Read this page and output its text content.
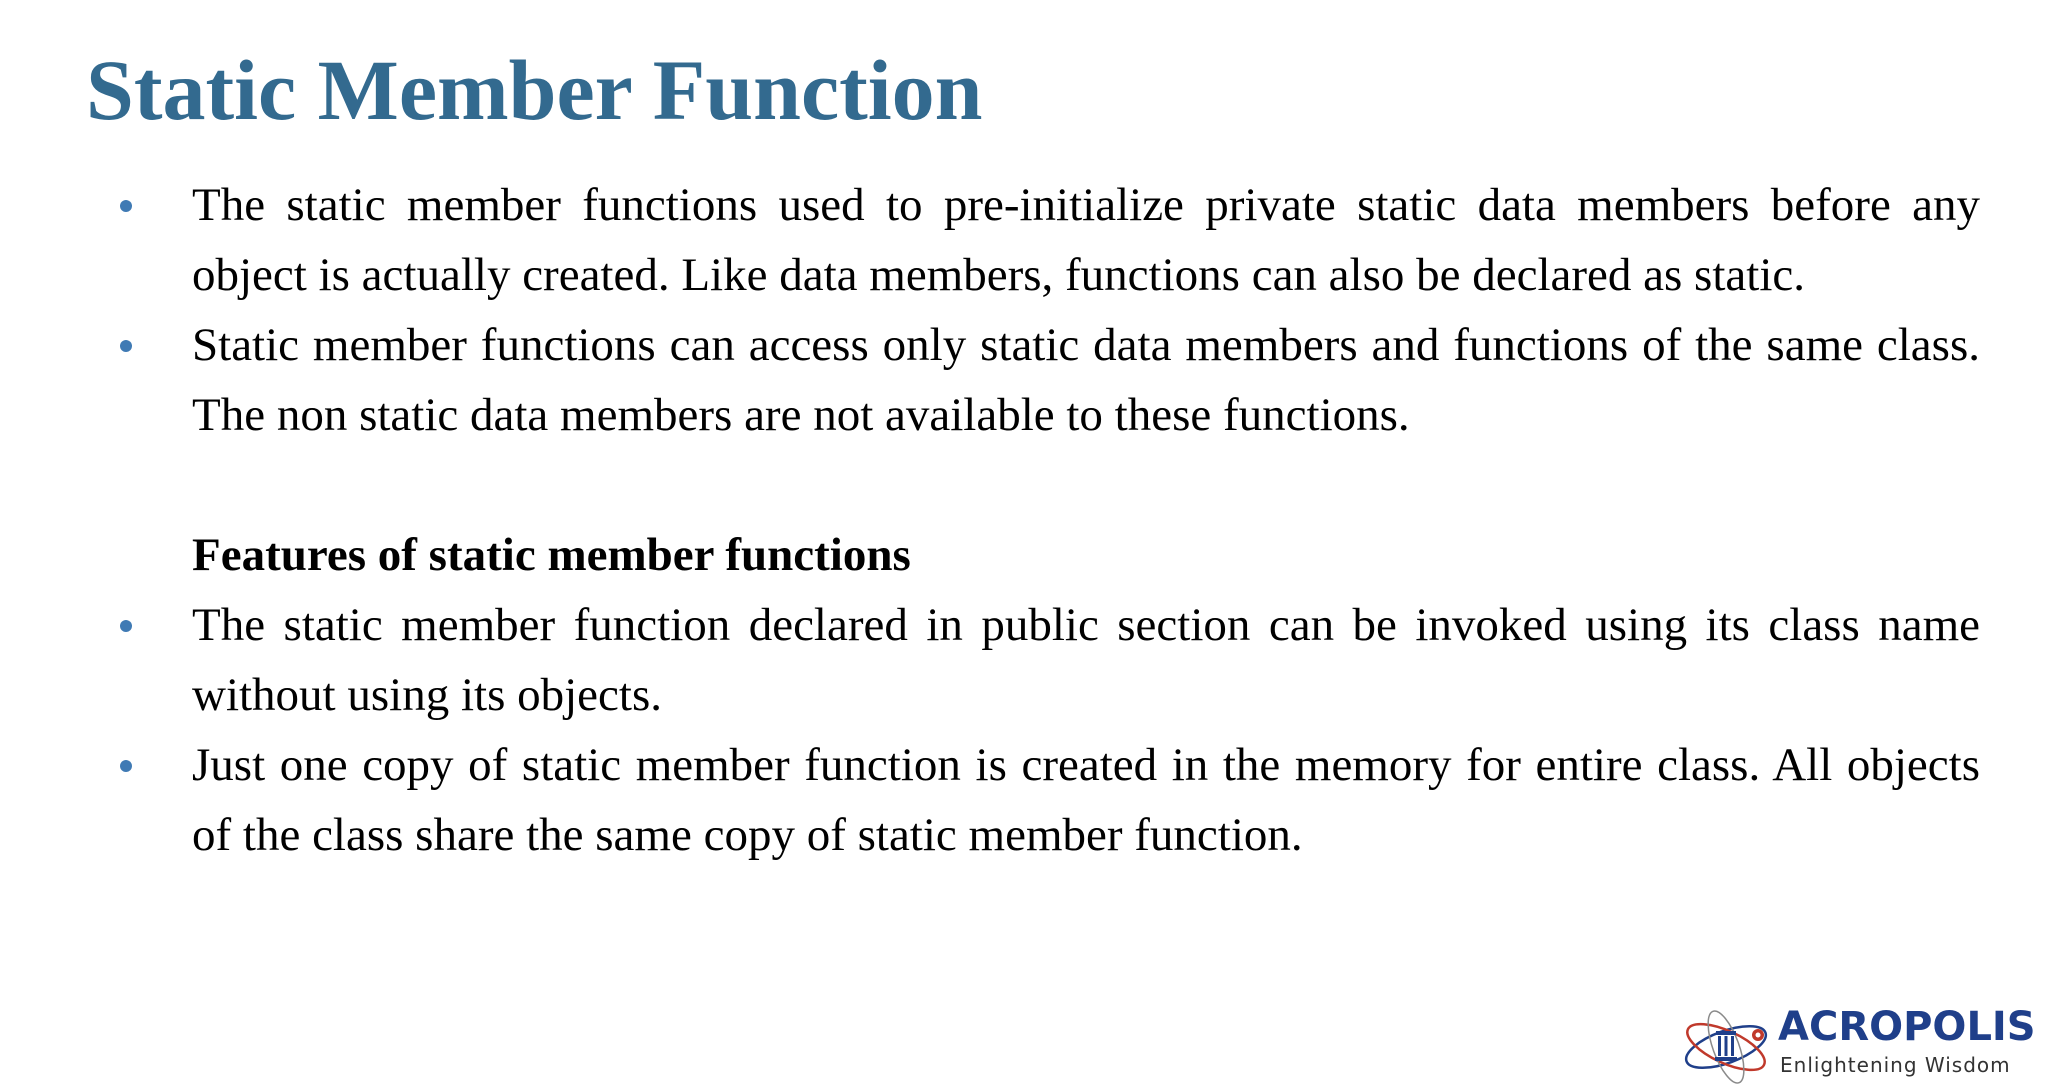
Static Member Function
The static member functions used to pre-initialize private static data members before any object is actually created. Like data members, functions can also be declared as static.
Static member functions can access only static data members and functions of the same class. The non static data members are not available to these functions.
Features of static member functions
The static member function declared in public section can be invoked using its class name without using its objects.
Just one copy of static member function is created in the memory for entire class. All objects of the class share the same copy of static member function.
ACROPOLIS
Enlightening Wisdom
